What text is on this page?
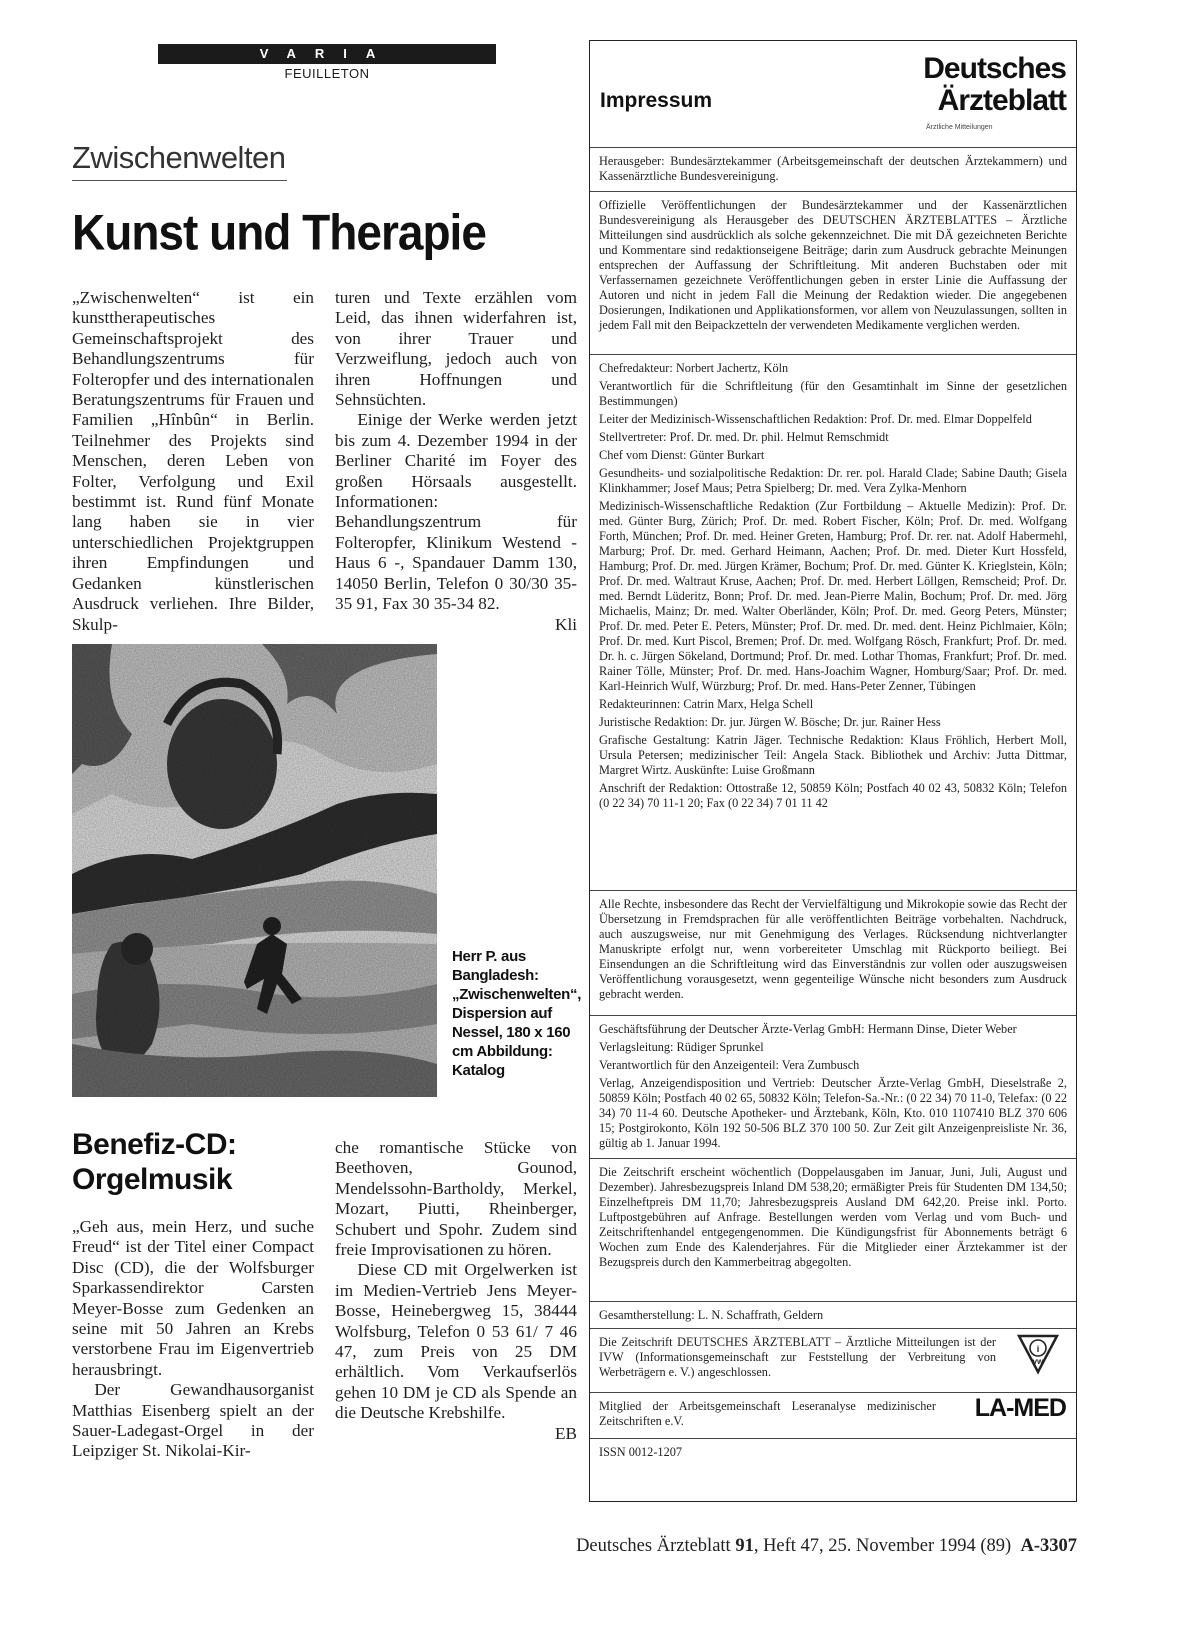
VARIA
FEUILLETON
Zwischenwelten
Kunst und Therapie

„Zwischenwelten“ ist ein kunsttherapeutisches Gemeinschaftsprojekt des Behandlungszentrums für Folteropfer und des internationalen Beratungszentrums für Frauen und Familien „Hînbûn“ in Berlin. Teilnehmer des Projekts sind Menschen, deren Leben von Folter, Verfolgung und Exil bestimmt ist. Rund fünf Monate lang haben sie in vier unterschiedlichen Projektgruppen ihren Empfindungen und Gedanken künstlerischen Ausdruck verliehen. Ihre Bilder, Skulp-

turen und Texte erzählen vom Leid, das ihnen widerfahren ist, von ihrer Trauer und Verzweiflung, jedoch auch von ihren Hoffnungen und Sehnsüchten.

Einige der Werke werden jetzt bis zum 4. Dezember 1994 in der Berliner Charité im Foyer des großen Hörsaals ausgestellt. Informationen: Behandlungszentrum für Folteropfer, Klinikum Westend -Haus 6 -, Spandauer Damm 130, 14050 Berlin, Telefon 0 30/30 35-35 91, Fax 30 35-34 82.

Kli
Herr P. aus Bangladesh: „Zwischenwelten“, Dispersion auf Nessel, 180 x 160 cm Abbildung: Katalog
Benefiz-CD: Orgelmusik

„Geh aus, mein Herz, und suche Freud“ ist der Titel einer Compact Disc (CD), die der Wolfsburger Sparkassendirektor Carsten Meyer-Bosse zum Gedenken an seine mit 50 Jahren an Krebs verstorbene Frau im Eigenvertrieb herausbringt.

Der Gewandhausorganist Matthias Eisenberg spielt an der Sauer-Ladegast-Orgel in der Leipziger St. Nikolai-Kir-

che romantische Stücke von Beethoven, Gounod, Mendelssohn-Bartholdy, Merkel, Mozart, Piutti, Rheinberger, Schubert und Spohr. Zudem sind freie Improvisationen zu hören.

Diese CD mit Orgelwerken ist im Medien-Vertrieb Jens Meyer-Bosse, Heinebergweg 15, 38444 Wolfsburg, Telefon 0 53 61/ 7 46 47, zum Preis von 25 DM erhältlich. Vom Verkaufserlös gehen 10 DM je CD als Spende an die Deutsche Krebshilfe.

EB
Impressum
Deutsches
Ärzteblatt
Ärztliche Mitteilungen

Herausgeber: Bundesärztekammer (Arbeitsgemeinschaft der deutschen Ärztekammern) und Kassenärztliche Bundesvereinigung.

Offizielle Veröffentlichungen der Bundesärztekammer und der Kassenärztlichen Bundesvereinigung als Herausgeber des DEUTSCHEN ÄRZTEBLATTES – Ärztliche Mitteilungen sind ausdrücklich als solche gekennzeichnet. Die mit DÄ gezeichneten Berichte und Kommentare sind redaktionseigene Beiträge; darin zum Ausdruck gebrachte Meinungen entsprechen der Auffassung der Schriftleitung. Mit anderen Buchstaben oder mit Verfassernamen gezeichnete Veröffentlichungen geben in erster Linie die Auffassung der Autoren und nicht in jedem Fall die Meinung der Redaktion wieder. Die angegebenen Dosierungen, Indikationen und Applikationsformen, vor allem von Neuzulassungen, sollten in jedem Fall mit den Beipackzetteln der verwendeten Medikamente verglichen werden.

Chefredakteur: Norbert Jachertz, Köln

Verantwortlich für die Schriftleitung (für den Gesamtinhalt im Sinne der gesetzlichen Bestimmungen)

Leiter der Medizinisch-Wissenschaftlichen Redaktion: Prof. Dr. med. Elmar Doppelfeld

Stellvertreter: Prof. Dr. med. Dr. phil. Helmut Remschmidt

Chef vom Dienst: Günter Burkart

Gesundheits- und sozialpolitische Redaktion: Dr. rer. pol. Harald Clade; Sabine Dauth; Gisela Klinkhammer; Josef Maus; Petra Spielberg; Dr. med. Vera Zylka-Menhorn

Medizinisch-Wissenschaftliche Redaktion (Zur Fortbildung – Aktuelle Medizin): Prof. Dr. med. Günter Burg, Zürich; Prof. Dr. med. Robert Fischer, Köln; Prof. Dr. med. Wolfgang Forth, München; Prof. Dr. med. Heiner Greten, Hamburg; Prof. Dr. rer. nat. Adolf Habermehl, Marburg; Prof. Dr. med. Gerhard Heimann, Aachen; Prof. Dr. med. Dieter Kurt Hossfeld, Hamburg; Prof. Dr. med. Jürgen Krämer, Bochum; Prof. Dr. med. Günter K. Krieglstein, Köln; Prof. Dr. med. Waltraut Kruse, Aachen; Prof. Dr. med. Herbert Löllgen, Remscheid; Prof. Dr. med. Berndt Lüderitz, Bonn; Prof. Dr. med. Jean-Pierre Malin, Bochum; Prof. Dr. med. Jörg Michaelis, Mainz; Dr. med. Walter Oberländer, Köln; Prof. Dr. med. Georg Peters, Münster; Prof. Dr. med. Peter E. Peters, Münster; Prof. Dr. med. Dr. med. dent. Heinz Pichlmaier, Köln; Prof. Dr. med. Kurt Piscol, Bremen; Prof. Dr. med. Wolfgang Rösch, Frankfurt; Prof. Dr. med. Dr. h. c. Jürgen Sökeland, Dortmund; Prof. Dr. med. Lothar Thomas, Frankfurt; Prof. Dr. med. Rainer Tölle, Münster; Prof. Dr. med. Hans-Joachim Wagner, Homburg/Saar; Prof. Dr. med. Karl-Heinrich Wulf, Würzburg; Prof. Dr. med. Hans-Peter Zenner, Tübingen

Redakteurinnen: Catrin Marx, Helga Schell

Juristische Redaktion: Dr. jur. Jürgen W. Bösche; Dr. jur. Rainer Hess

Grafische Gestaltung: Katrin Jäger. Technische Redaktion: Klaus Fröhlich, Herbert Moll, Ursula Petersen; medizinischer Teil: Angela Stack. Bibliothek und Archiv: Jutta Dittmar, Margret Wirtz. Auskünfte: Luise Großmann

Anschrift der Redaktion: Ottostraße 12, 50859 Köln; Postfach 40 02 43, 50832 Köln; Telefon (0 22 34) 70 11-1 20; Fax (0 22 34) 7 01 11 42

Alle Rechte, insbesondere das Recht der Vervielfältigung und Mikrokopie sowie das Recht der Übersetzung in Fremdsprachen für alle veröffentlichten Beiträge vorbehalten. Nachdruck, auch auszugsweise, nur mit Genehmigung des Verlages. Rücksendung nichtverlangter Manuskripte erfolgt nur, wenn vorbereiteter Umschlag mit Rückporto beiliegt. Bei Einsendungen an die Schriftleitung wird das Einverständnis zur vollen oder auszugsweisen Veröffentlichung vorausgesetzt, wenn gegenteilige Wünsche nicht besonders zum Ausdruck gebracht werden.

Geschäftsführung der Deutscher Ärzte-Verlag GmbH: Hermann Dinse, Dieter Weber

Verlagsleitung: Rüdiger Sprunkel

Verantwortlich für den Anzeigenteil: Vera Zumbusch

Verlag, Anzeigendisposition und Vertrieb: Deutscher Ärzte-Verlag GmbH, Dieselstraße 2, 50859 Köln; Postfach 40 02 65, 50832 Köln; Telefon-Sa.-Nr.: (0 22 34) 70 11-0, Telefax: (0 22 34) 70 11-4 60. Deutsche Apotheker- und Ärztebank, Köln, Kto. 010 1107410 BLZ 370 606 15; Postgirokonto, Köln 192 50-506 BLZ 370 100 50. Zur Zeit gilt Anzeigenpreisliste Nr. 36, gültig ab 1. Januar 1994.

Die Zeitschrift erscheint wöchentlich (Doppelausgaben im Januar, Juni, Juli, August und Dezember). Jahresbezugspreis Inland DM 538,20; ermäßigter Preis für Studenten DM 134,50; Einzelheftpreis DM 11,70; Jahresbezugspreis Ausland DM 642,20. Preise inkl. Porto. Luftpostgebühren auf Anfrage. Bestellungen werden vom Verlag und vom Buch- und Zeitschriftenhandel entgegengenommen. Die Kündigungsfrist für Abonnements beträgt 6 Wochen zum Ende des Kalenderjahres. Für die Mitglieder einer Ärztekammer ist der Bezugspreis durch den Kammerbeitrag abgegolten.

Gesamtherstellung: L. N. Schaffrath, Geldern

Die Zeitschrift DEUTSCHES ÄRZTEBLATT – Ärztliche Mitteilungen ist der IVW (Informationsgemeinschaft zur Feststellung der Verbreitung von Werbeträgern e. V.) angeschlossen.

i
vw

Mitglied der Arbeitsgemeinschaft Leseranalyse medizinischer Zeitschriften e.V.	LA-MED

ISSN 0012-1207

Deutsches Ärzteblatt 91, Heft 47, 25. November 1994 (89) A-3307
